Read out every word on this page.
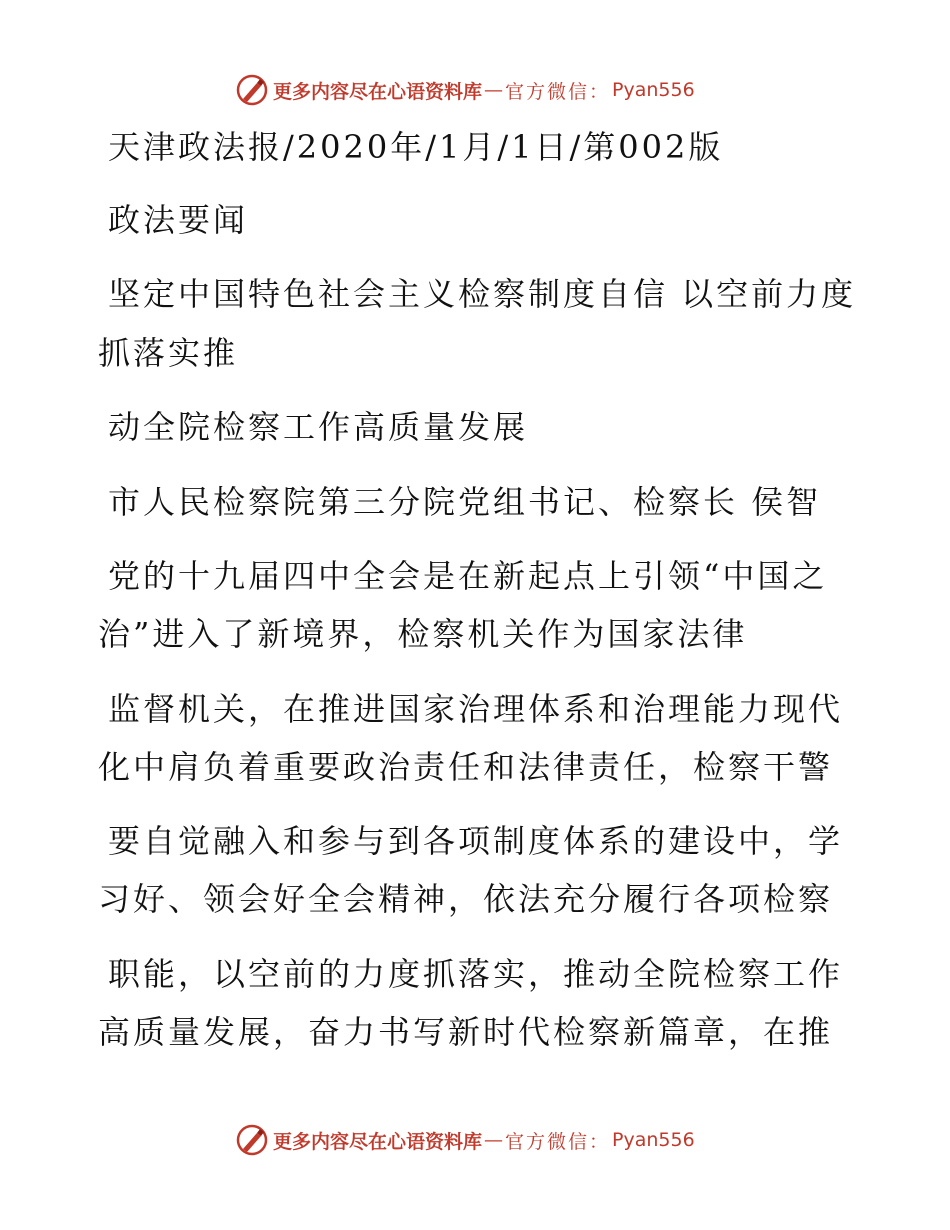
更多内容尽在心语资料库 — 官方微信： Pyan556
天津政法报/2020年/1月/1日/第002版
政法要闻
坚定中国特色社会主义检察制度自信 以空前力度
抓落实推
动全院检察工作高质量发展
市人民检察院第三分院党组书记、检察长 侯智
党的十九届四中全会是在新起点上引领“中国之
治”进入了新境界，检察机关作为国家法律
监督机关，在推进国家治理体系和治理能力现代
化中肩负着重要政治责任和法律责任，检察干警
要自觉融入和参与到各项制度体系的建设中，学
习好、领会好全会精神，依法充分履行各项检察
职能，以空前的力度抓落实，推动全院检察工作
高质量发展，奋力书写新时代检察新篇章，在推
更多内容尽在心语资料库 — 官方微信： Pyan556
